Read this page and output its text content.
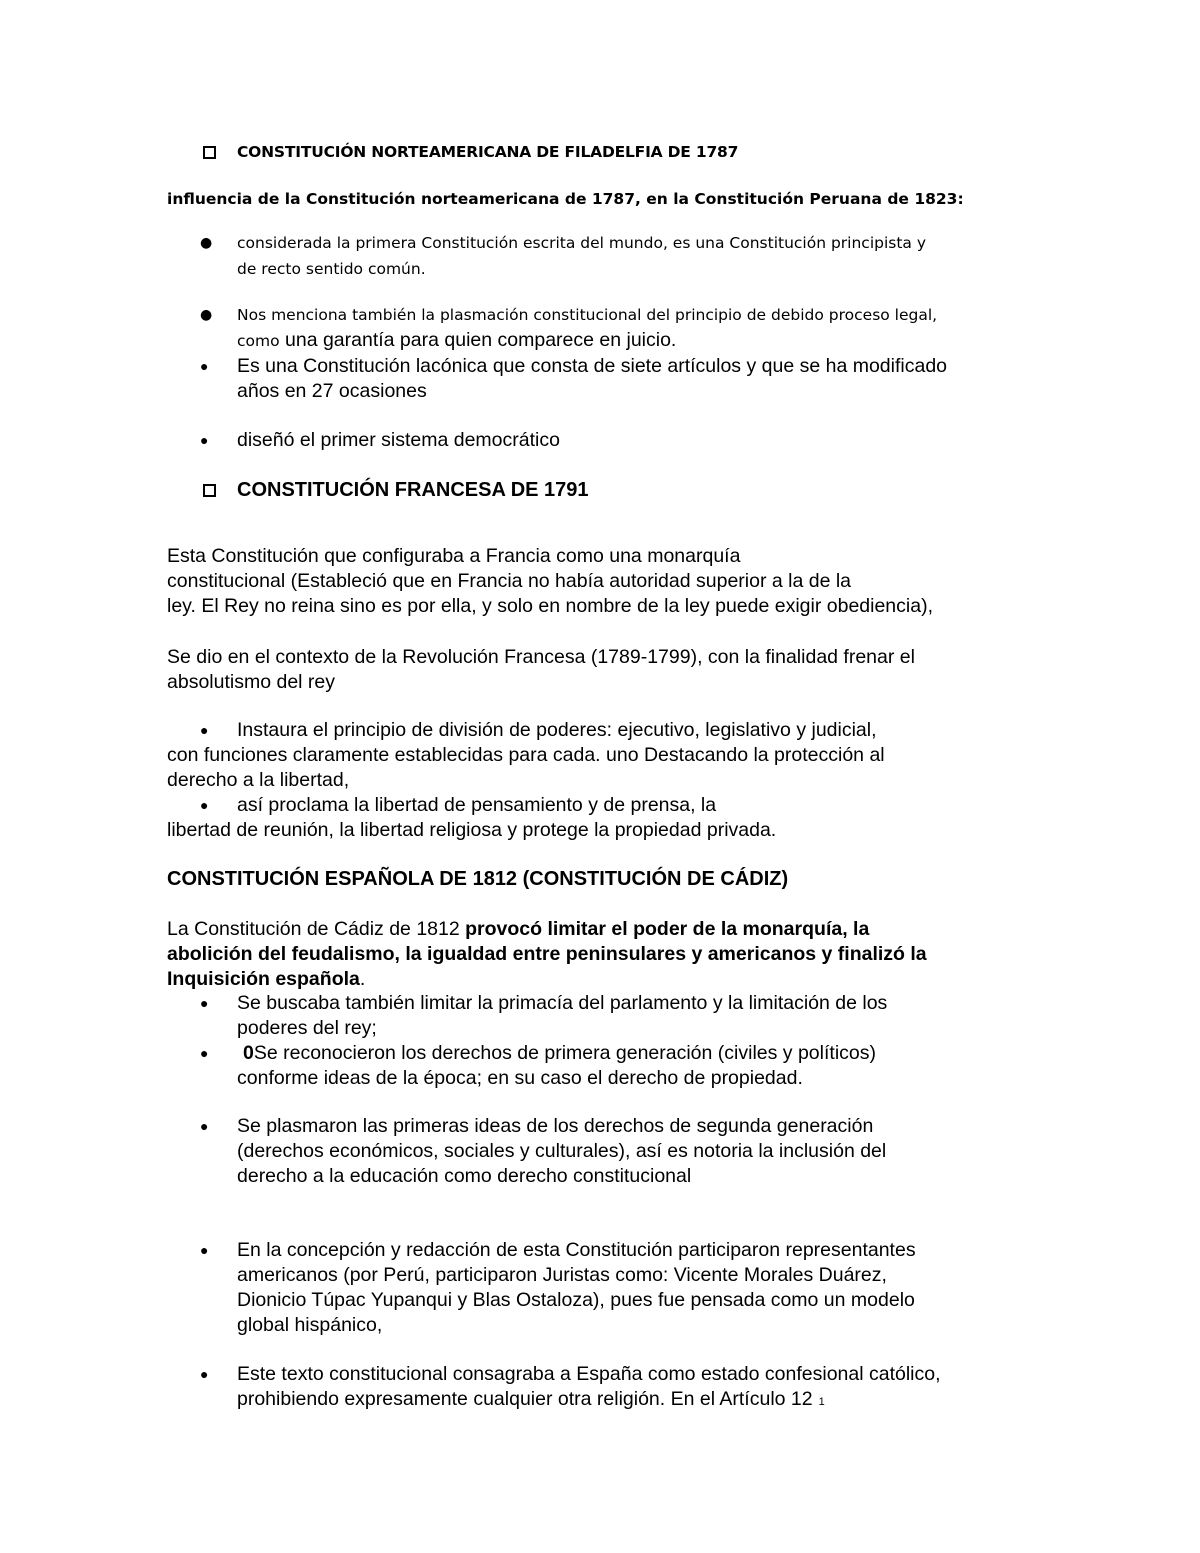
CONSTITUCIÓN NORTEAMERICANA DE FILADELFIA DE 1787
influencia de la Constitución norteamericana de 1787, en la Constitución Peruana de 1823:
●	considerada la primera Constitución escrita del mundo, es una Constitución principista y
de recto sentido común.
●	Nos menciona también la plasmación constitucional del principio de debido proceso legal,
como una garantía para quien comparece en juicio.
●	Es una Constitución lacónica que consta de siete artículos y que se ha modificado
años en 27 ocasiones
●	diseñó el primer sistema democrático
CONSTITUCIÓN FRANCESA DE 1791
Esta Constitución que configuraba a Francia como una monarquía
constitucional (Estableció que en Francia no había autoridad superior a la de la
ley. El Rey no reina sino es por ella, y solo en nombre de la ley puede exigir obediencia),
Se dio en el contexto de la Revolución Francesa (1789-1799), con la finalidad frenar el
absolutismo del rey
●	Instaura el principio de división de poderes: ejecutivo, legislativo y judicial,
con funciones claramente establecidas para cada. uno Destacando la protección al
derecho a la libertad,
●	así proclama la libertad de pensamiento y de prensa, la
libertad de reunión, la libertad religiosa y protege la propiedad privada.
CONSTITUCIÓN ESPAÑOLA DE 1812 (CONSTITUCIÓN DE CÁDIZ)
La Constitución de Cádiz de 1812 provocó limitar el poder de la monarquía, la
abolición del feudalismo, la igualdad entre peninsulares y americanos y finalizó la
Inquisición española.
●	Se buscaba también limitar la primacía del parlamento y la limitación de los
poderes del rey;
●	0 Se reconocieron los derechos de primera generación (civiles y políticos)
conforme ideas de la época; en su caso el derecho de propiedad.
●	Se plasmaron las primeras ideas de los derechos de segunda generación
(derechos económicos, sociales y culturales), así es notoria la inclusión del
derecho a la educación como derecho constitucional
●	En la concepción y redacción de esta Constitución participaron representantes
americanos (por Perú, participaron Juristas como: Vicente Morales Duárez,
Dionicio Túpac Yupanqui y Blas Ostaloza), pues fue pensada como un modelo
global hispánico,
●	Este texto constitucional consagraba a España como estado confesional católico,
prohibiendo expresamente cualquier otra religión. En el Artículo 12 1
